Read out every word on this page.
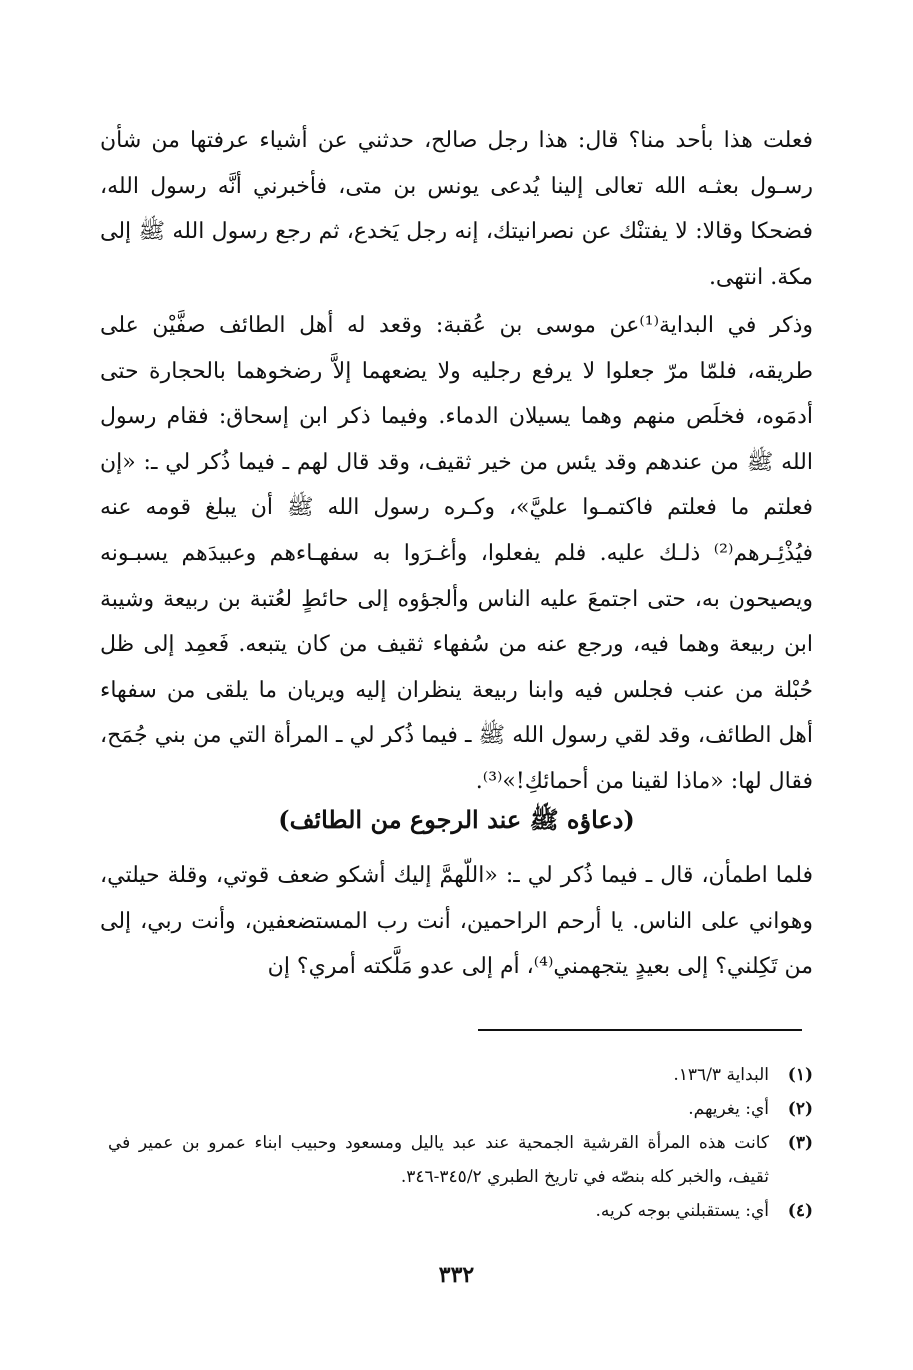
فعلت هذا بأحد منا؟ قال: هذا رجل صالح، حدثني عن أشياء عرفتها من شأن رسـول بعثـه الله تعالى إلينا يُدعى يونس بن متى، فأخبرني أنَّه رسول الله، فضحكا وقالا: لا يفتنْك عن نصرانيتك، إنه رجل يَخدع، ثم رجع رسول الله ﷺ إلى مكة. انتهى.

وذكر في البداية⁽¹⁾عن موسى بن عُقبة: وقعد له أهل الطائف صفَّيْن على طريقه، فلمّا مرّ جعلوا لا يرفع رجليه ولا يضعهما إلاَّ رضخوهما بالحجارة حتى أدمَوه، فخلَص منهم وهما يسيلان الدماء. وفيما ذكر ابن إسحاق: فقام رسول الله ﷺ من عندهم وقد يئس من خير ثقيف، وقد قال لهم ـ فيما ذُكر لي ـ: «إن فعلتم ما فعلتم فاكتمـوا عليَّ»، وكـره رسول الله ﷺ أن يبلغ قومه عنه فيُذْئِـرهم⁽²⁾ ذلـك عليه. فلم يفعلوا، وأغـرَوا به سفهـاءهم وعبيدَهم يسبـونه ويصيحون به، حتى اجتمعَ عليه الناس وألجؤوه إلى حائطٍ لعُتبة بن ربيعة وشيبة ابن ربيعة وهما فيه، ورجع عنه من سُفهاء ثقيف من كان يتبعه. فَعمِد إلى ظل حُبْلة من عنب فجلس فيه وابنا ربيعة ينظران إليه ويريان ما يلقى من سفهاء أهل الطائف، وقد لقي رسول الله ﷺ ـ فيما ذُكر لي ـ المرأة التي من بني جُمَح، فقال لها: «ماذا لقينا من أحمائكِ!»⁽³⁾.

(دعاؤه ﷺ عند الرجوع من الطائف)

فلما اطمأن، قال ـ فيما ذُكر لي ـ: «اللّهمَّ إليك أشكو ضعف قوتي، وقلة حيلتي، وهواني على الناس. يا أرحم الراحمين، أنت رب المستضعفين، وأنت ربي، إلى من تَكِلني؟ إلى بعيدٍ يتجهمني⁽⁴⁾، أم إلى عدو مَلَّكته أمري؟ إن

(١)
البداية ١٣٦/٣.
(٢)
أي: يغريهم.
(٣)
كانت هذه المرأة القرشية الجمحية عند عبد ياليل ومسعود وحبيب ابناء عمرو بن عمير في ثقيف، والخبر كله بنصّه في تاريخ الطبري ٣٤٥/٢-٣٤٦.
(٤)
أي: يستقبلني بوجه كريه.
٣٣٢
